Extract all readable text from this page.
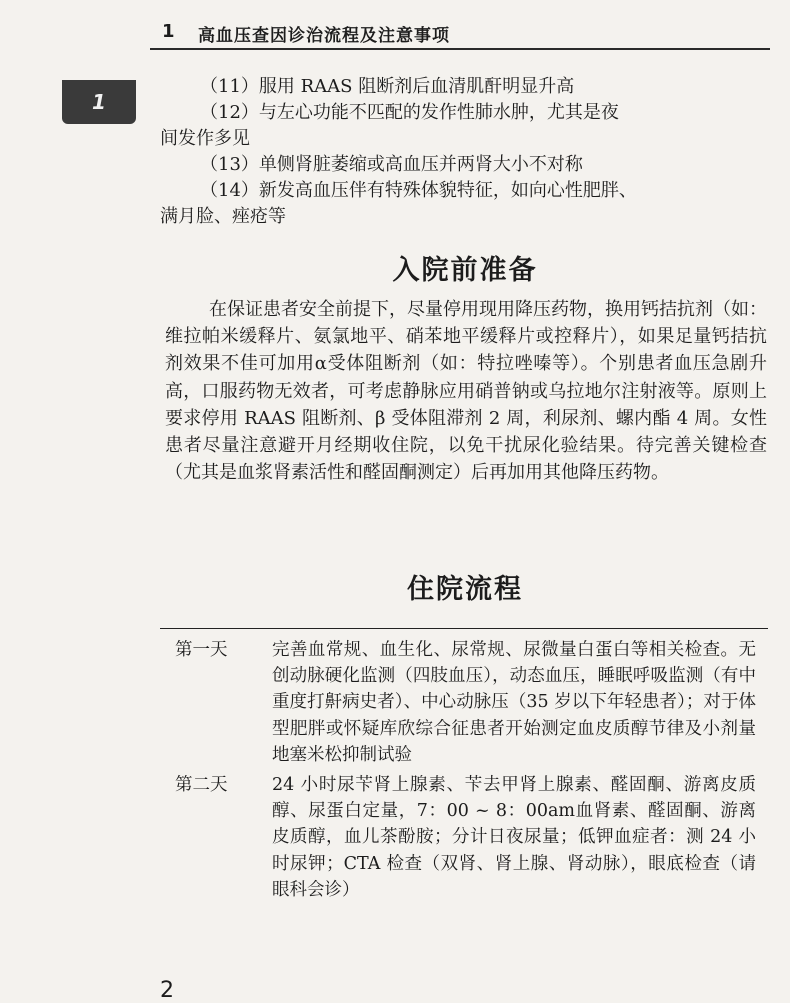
1 高血压查因诊治流程及注意事项
1

（11）服用 RAAS 阻断剂后血清肌酐明显升高

（12）与左心功能不匹配的发作性肺水肿，尤其是夜

间发作多见

（13）单侧肾脏萎缩或高血压并两肾大小不对称

（14）新发高血压伴有特殊体貌特征，如向心性肥胖、

满月脸、痤疮等

入院前准备

在保证患者安全前提下，尽量停用现用降压药物，换用钙拮抗剂（如：维拉帕米缓释片、氨氯地平、硝苯地平缓释片或控释片），如果足量钙拮抗剂效果不佳可加用α受体阻断剂（如：特拉唑嗪等）。个别患者血压急剧升高，口服药物无效者，可考虑静脉应用硝普钠或乌拉地尔注射液等。原则上要求停用 RAAS 阻断剂、β 受体阻滞剂 2 周，利尿剂、螺内酯 4 周。女性患者尽量注意避开月经期收住院，以免干扰尿化验结果。待完善关键检查（尤其是血浆肾素活性和醛固酮测定）后再加用其他降压药物。

住院流程
第一天	完善血常规、血生化、尿常规、尿微量白蛋白等相关检查。无创动脉硬化监测（四肢血压），动态血压，睡眠呼吸监测（有中重度打鼾病史者）、中心动脉压（35 岁以下年轻患者）；对于体型肥胖或怀疑库欣综合征患者开始测定血皮质醇节律及小剂量地塞米松抑制试验
第二天	24 小时尿苄肾上腺素、苄去甲肾上腺素、醛固酮、游离皮质醇、尿蛋白定量，7：00 ~ 8：00am血肾素、醛固酮、游离皮质醇，血儿茶酚胺；分计日夜尿量；低钾血症者：测 24 小时尿钾；CTA 检查（双肾、肾上腺、肾动脉），眼底检查（请眼科会诊）
2
